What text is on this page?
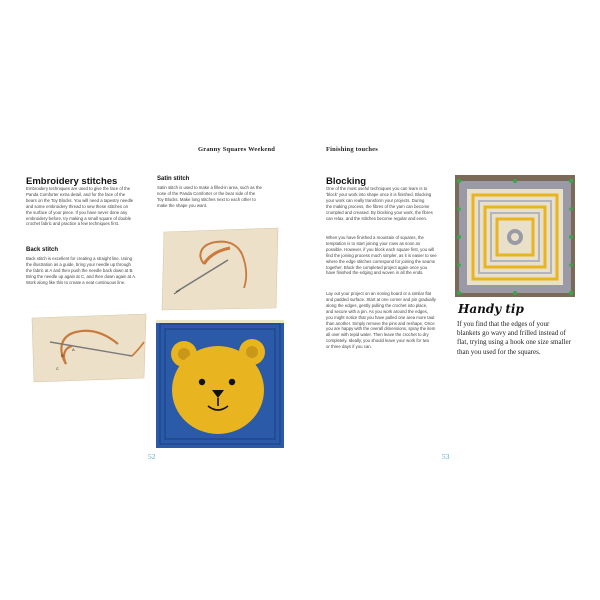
Granny Squares Weekend
Embroidery stitches
Embroidery techniques are used to give the face of the
Panda Comforter extra detail, and for the face of the
bears on the Toy Blocks. You will need a tapestry needle
and some embroidery thread to sew these stitches on
the surface of your piece. If you have never done any
embroidery before, try making a small square of double
crochet fabric and practice a few techniques first.
Back stitch
Back stitch is excellent for creating a straight line. Using
the illustration as a guide, bring your needle up through
the fabric at A and then push the needle back down at B.
Bring the needle up again at C, and then down again at A.
Work along like this to create a neat continuous line.
A
B
C
Satin stitch
Satin stitch is used to make a filled-in area, such as the
nose of the Panda Comforter or the bear side of the
Toy Blocks. Make long stitches next to each other to
make the shape you want.
52
Finishing touches
Blocking
One of the most useful techniques you can learn is to
'block' your work into shape once it is finished. Blocking
your work can really transform your projects. During
the making process, the fibres of the yarn can become
crumpled and creased. By blocking your work, the fibres
can relax, and the stitches become regular and even.
When you have finished a mountain of squares, the
temptation is to start joining your rows as soon as
possible. However, if you block each square first, you will
find the joining process much simpler, as it is easier to see
where the edge stitches correspond for joining the seams
together. Block the completed project again once you
have finished the edging and woven in all the ends.
Lay out your project on an ironing board or a similar flat
and padded surface. Start at one corner and pin gradually
along the edges, gently pulling the crochet into place,
and secure with a pin. As you work around the edges,
you might notice that you have pulled one area more taut
than another. Simply remove the pins and reshape. Once
you are happy with the overall dimensions, spray the item
all over with tepid water. Then leave the crochet to dry
completely. Ideally, you should leave your work for two
or three days if you can.
Handy tip
If you find that the edges of your
blankets go wavy and frilled instead of
flat, trying using a hook one size smaller
than you used for the squares.
53
